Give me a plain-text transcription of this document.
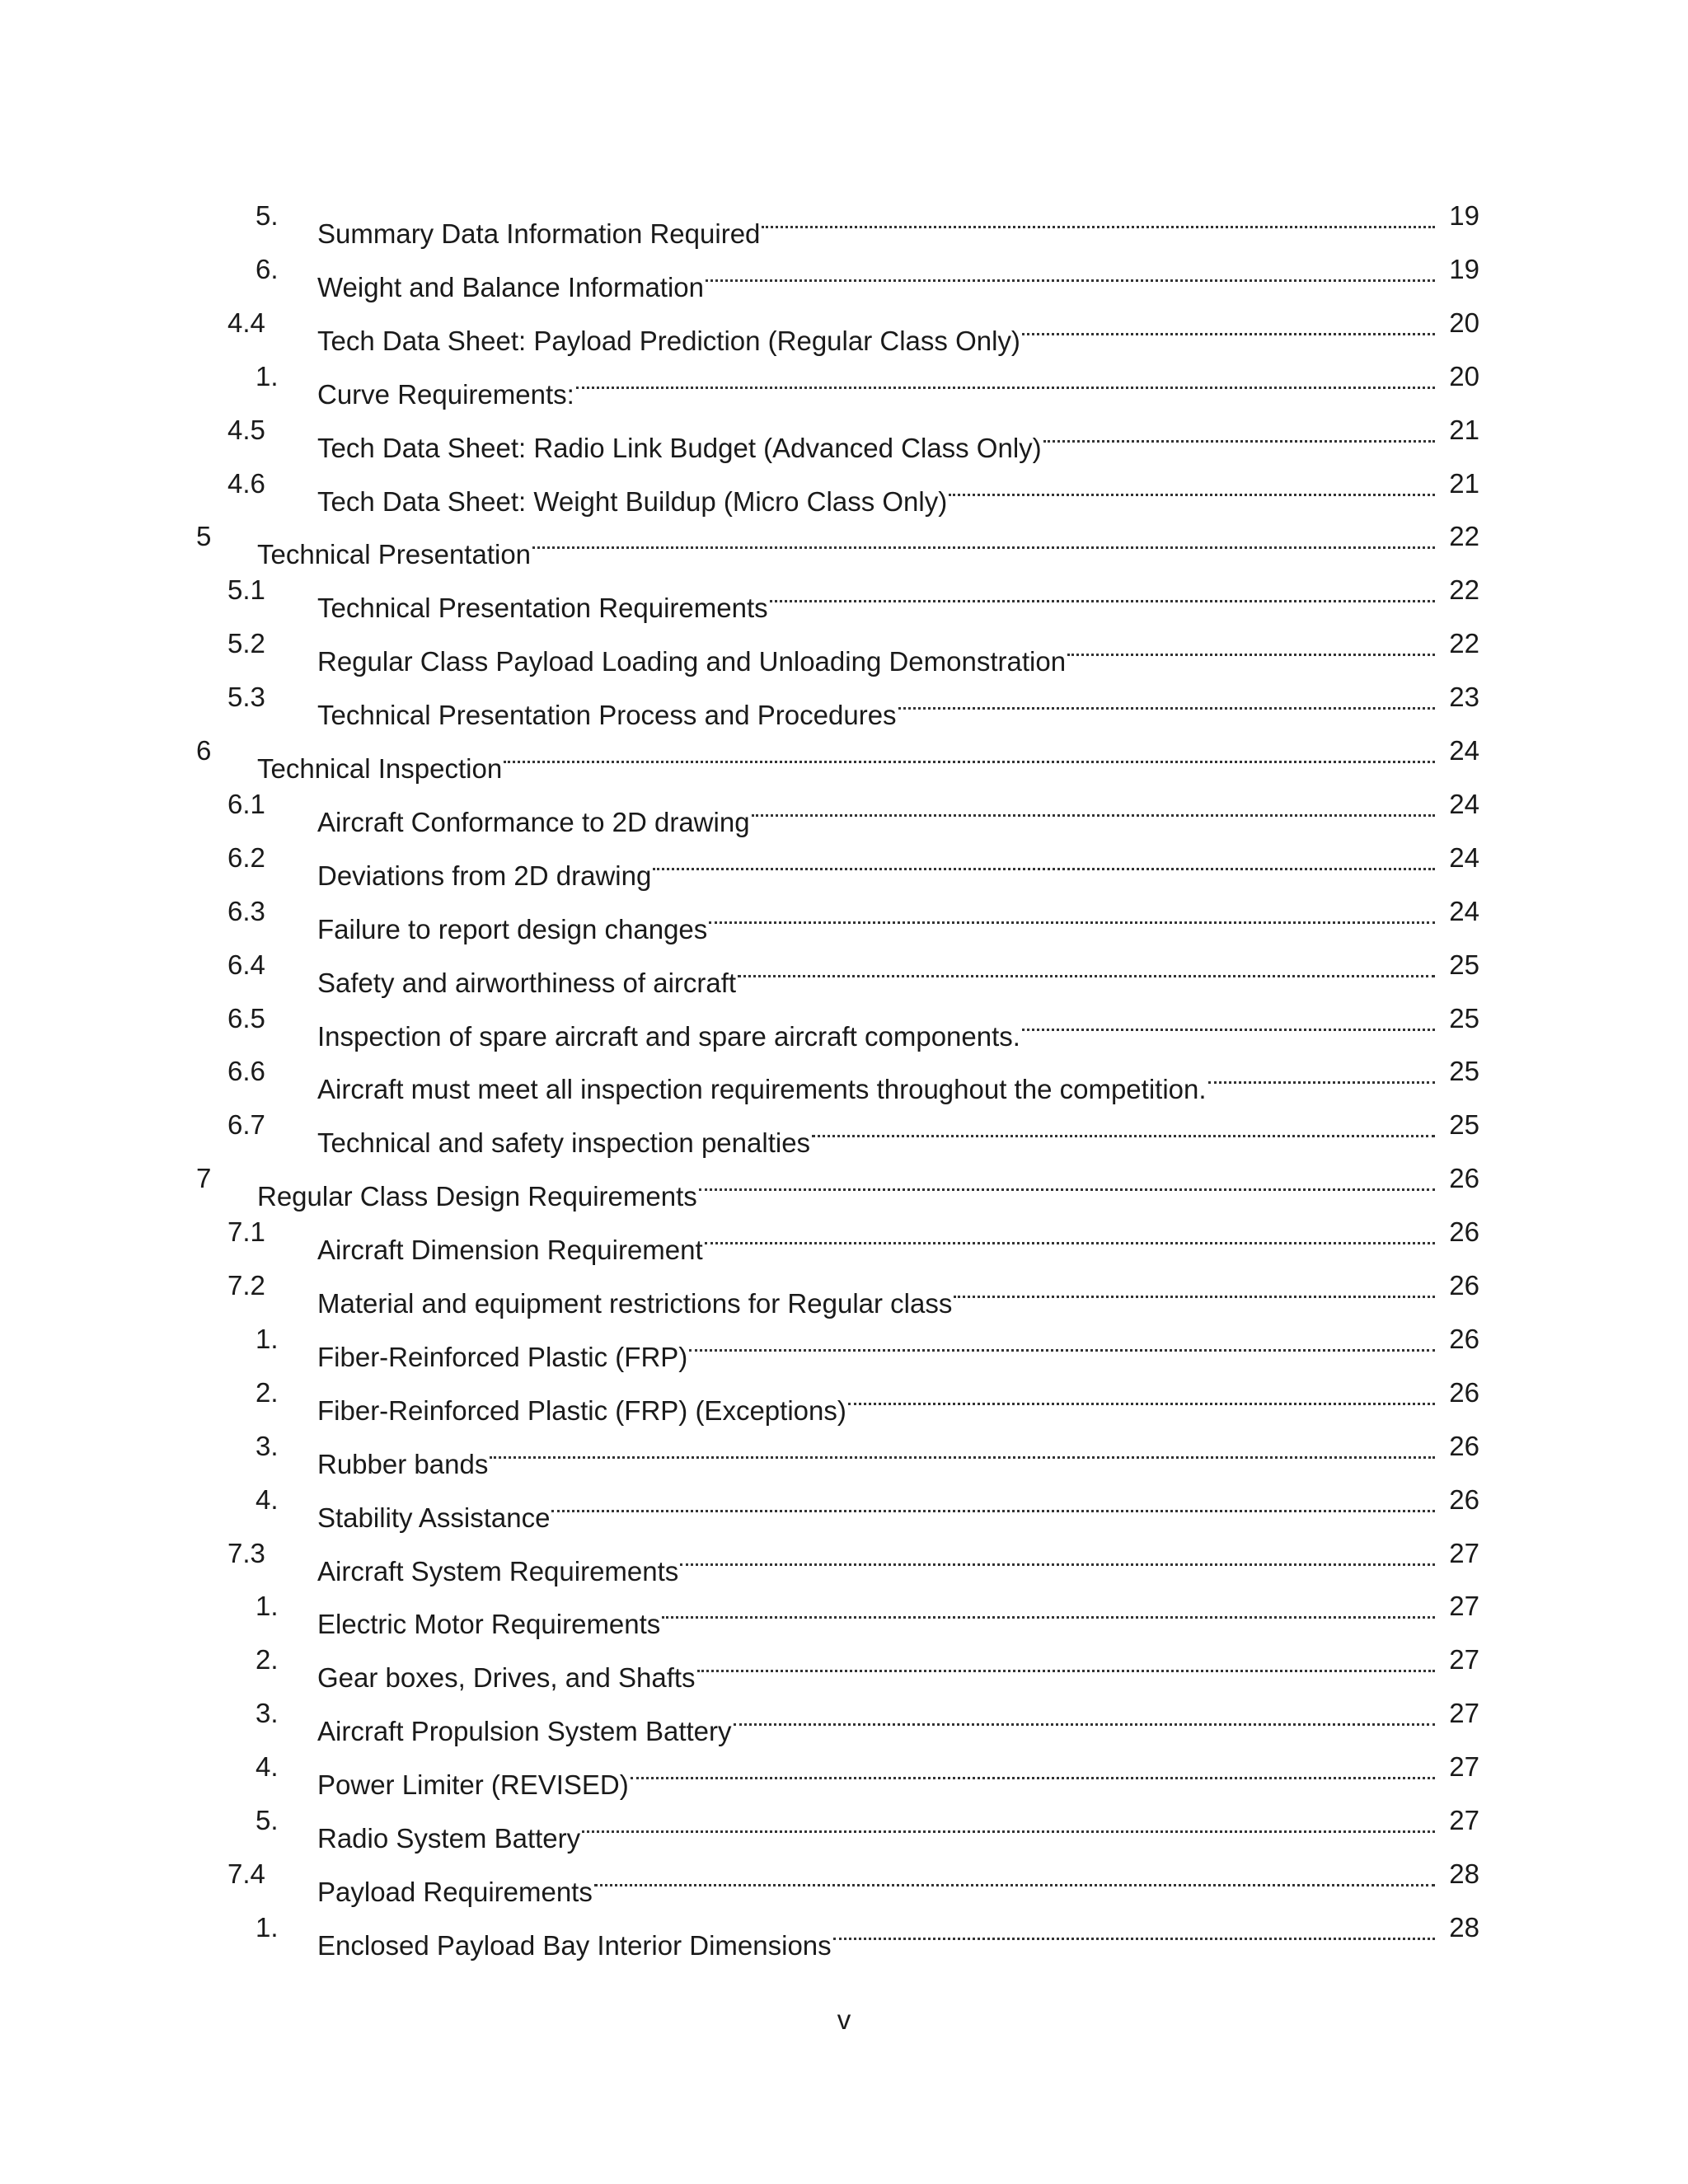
5.
Summary Data Information Required
19
6.
Weight and Balance Information
19
4.4
Tech Data Sheet: Payload Prediction (Regular Class Only)
20
1.
Curve Requirements:
20
4.5
Tech Data Sheet: Radio Link Budget (Advanced Class Only)
21
4.6
Tech Data Sheet: Weight Buildup (Micro Class Only)
21
5
Technical Presentation
22
5.1
Technical Presentation Requirements
22
5.2
Regular Class Payload Loading and Unloading Demonstration
22
5.3
Technical Presentation Process and Procedures
23
6
Technical Inspection
24
6.1
Aircraft Conformance to 2D drawing
24
6.2
Deviations from 2D drawing
24
6.3
Failure to report design changes
24
6.4
Safety and airworthiness of aircraft
25
6.5
Inspection of spare aircraft and spare aircraft components.
25
6.6
Aircraft must meet all inspection requirements throughout the competition.
25
6.7
Technical and safety inspection penalties
25
7
Regular Class Design Requirements
26
7.1
Aircraft Dimension Requirement
26
7.2
Material and equipment restrictions for Regular class
26
1.
Fiber-Reinforced Plastic (FRP)
26
2.
Fiber-Reinforced Plastic (FRP) (Exceptions)
26
3.
Rubber bands
26
4.
Stability Assistance
26
7.3
Aircraft System Requirements
27
1.
Electric Motor Requirements
27
2.
Gear boxes, Drives, and Shafts
27
3.
Aircraft Propulsion System Battery
27
4.
Power Limiter (REVISED)
27
5.
Radio System Battery
27
7.4
Payload Requirements
28
1.
Enclosed Payload Bay Interior Dimensions
28
v
